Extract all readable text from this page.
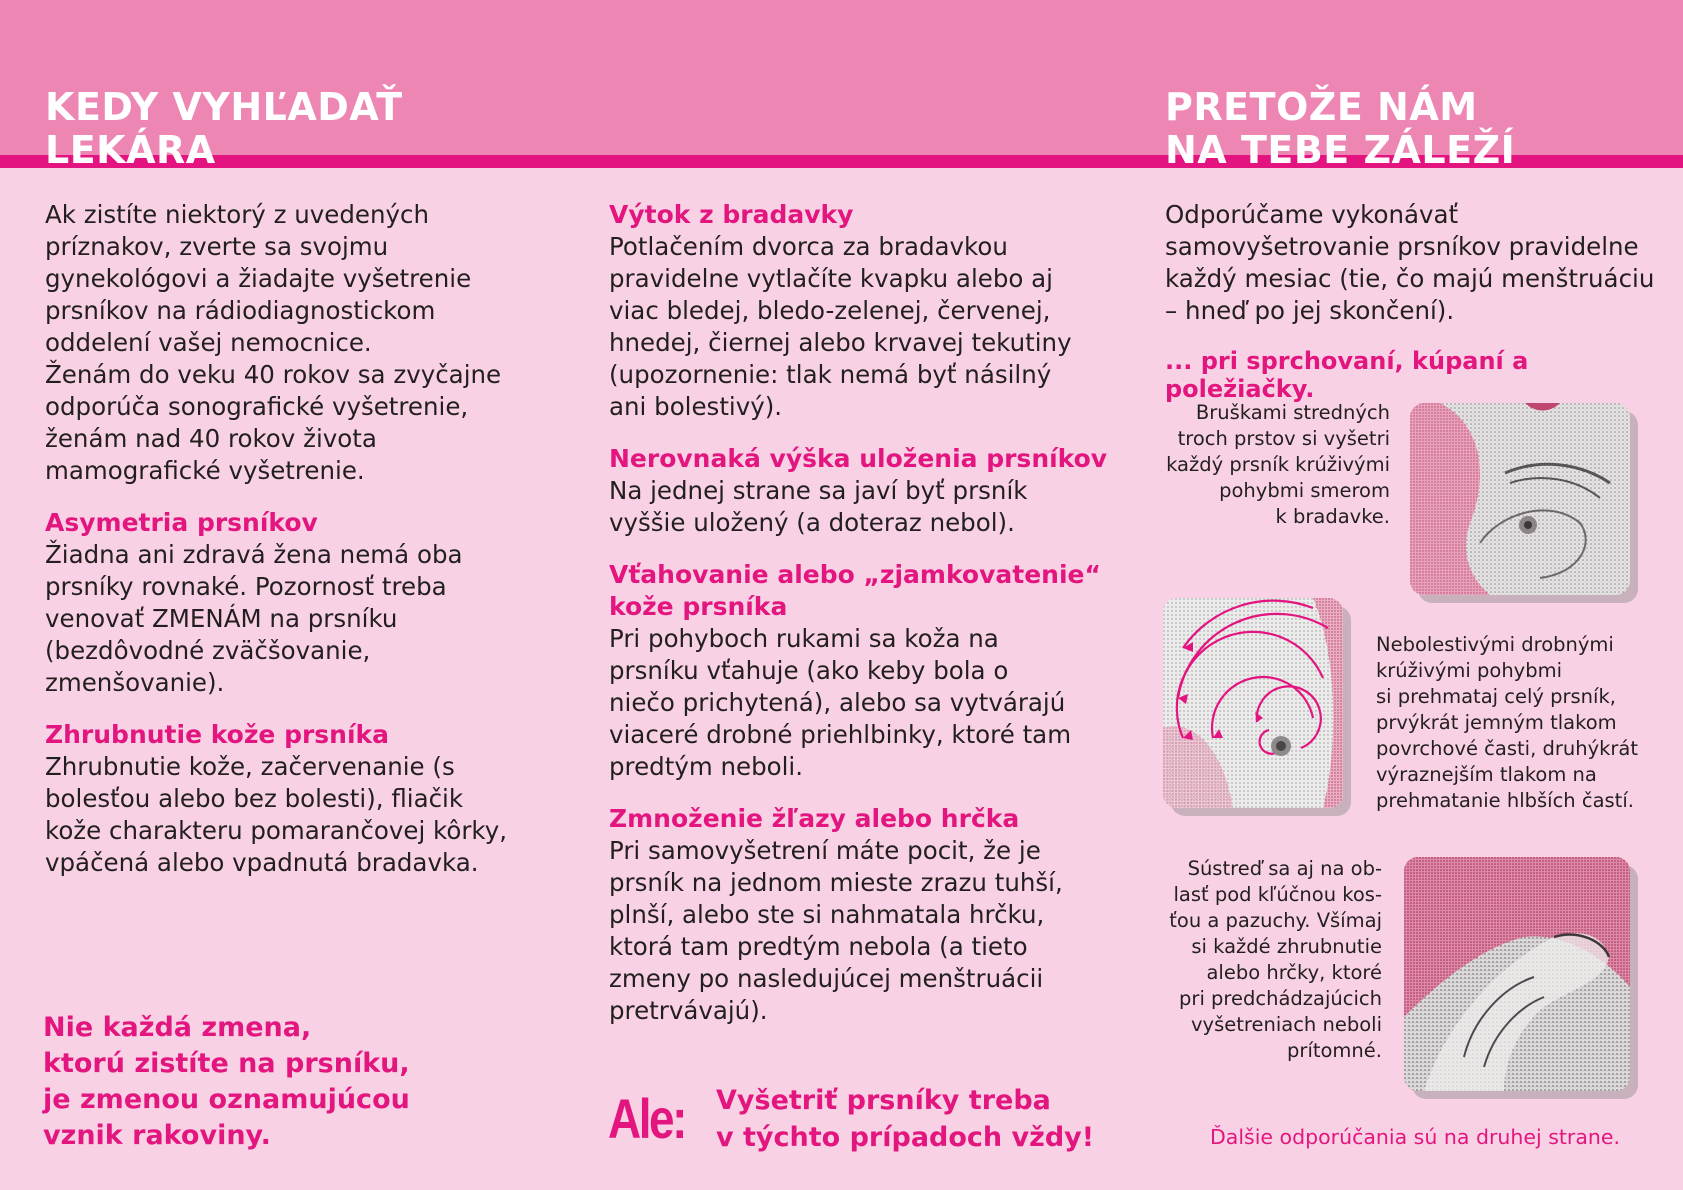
KEDY VYHĽADAŤ
LEKÁRA
PRETOŽE NÁM
NA TEBE ZÁLEŽÍ

Ak zistíte niektorý z uvedených

príznakov, zverte sa svojmu

gynekológovi a žiadajte vyšetrenie

prsníkov na rádiodiagnostickom

oddelení vašej nemocnice.

Ženám do veku 40 rokov sa zvyčajne

odporúča sonografické vyšetrenie,

ženám nad 40 rokov života

mamografické vyšetrenie.

Asymetria prsníkov

Žiadna ani zdravá žena nemá oba

prsníky rovnaké. Pozornosť treba

venovať ZMENÁM na prsníku

(bezdôvodné zväčšovanie,

zmenšovanie).

Zhrubnutie kože prsníka

Zhrubnutie kože, začervenanie (s

bolesťou alebo bez bolesti), fliačik

kože charakteru pomarančovej kôrky,

vpáčená alebo vpadnutá bradavka.

Nie každá zmena,
ktorú zistíte na prsníku,
je zmenou oznamujúcou
vznik rakoviny.

Výtok z bradavky

Potlačením dvorca za bradavkou

pravidelne vytlačíte kvapku alebo aj

viac bledej, bledo-zelenej, červenej,

hnedej, čiernej alebo krvavej tekutiny

(upozornenie: tlak nemá byť násilný

ani bolestivý).

Nerovnaká výška uloženia prsníkov

Na jednej strane sa javí byť prsník

vyššie uložený (a doteraz nebol).

Vťahovanie alebo „zjamkovatenie“
kože prsníka

Pri pohyboch rukami sa koža na

prsníku vťahuje (ako keby bola o

niečo prichytená), alebo sa vytvárajú

viaceré drobné priehlbinky, ktoré tam

predtým neboli.

Zmnoženie žľazy alebo hrčka

Pri samovyšetrení máte pocit, že je

prsník na jednom mieste zrazu tuhší,

plnší, alebo ste si nahmatala hrčku,

ktorá tam predtým nebola (a tieto

zmeny po nasledujúcej menštruácii

pretrvávajú).

Ale: Vyšetriť prsníky treba
v týchto prípadoch vždy!

Odporúčame vykonávať

samovyšetrovanie prsníkov pravidelne

každý mesiac (tie, čo majú menštruáciu

– hneď po jej skončení).

... pri sprchovaní, kúpaní a poležiačky.

Bruškami stredných
troch prstov si vyšetri
každý prsník krúživými
pohybmi smerom
k bradavke.

Nebolestivými drobnými
krúživými pohybmi
si prehmataj celý prsník,
prvýkrát jemným tlakom
povrchové časti, druhýkrát
výraznejším tlakom na
prehmatanie hlbších častí.

Sústreď sa aj na ob-
lasť pod kľúčnou kos-
ťou a pazuchy. Všímaj
si každé zhrubnutie
alebo hrčky, ktoré
pri predchádzajúcich
vyšetreniach neboli
prítomné.

Ďalšie odporúčania sú na druhej strane.
